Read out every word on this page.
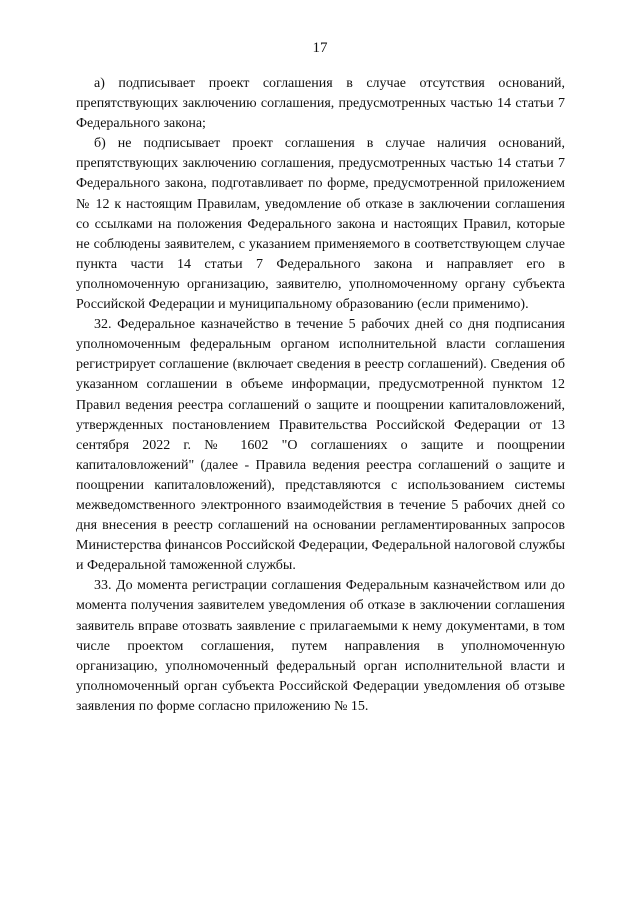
17

а) подписывает проект соглашения в случае отсутствия оснований, препятствующих заключению соглашения, предусмотренных частью 14 статьи 7 Федерального закона;

б) не подписывает проект соглашения в случае наличия оснований, препятствующих заключению соглашения, предусмотренных частью 14 статьи 7 Федерального закона, подготавливает по форме, предусмотренной приложением № 12 к настоящим Правилам, уведомление об отказе в заключении соглашения со ссылками на положения Федерального закона и настоящих Правил, которые не соблюдены заявителем, с указанием применяемого в соответствующем случае пункта части 14 статьи 7 Федерального закона и направляет его в уполномоченную организацию, заявителю, уполномоченному органу субъекта Российской Федерации и муниципальному образованию (если применимо).

32. Федеральное казначейство в течение 5 рабочих дней со дня подписания уполномоченным федеральным органом исполнительной власти соглашения регистрирует соглашение (включает сведения в реестр соглашений). Сведения об указанном соглашении в объеме информации, предусмотренной пунктом 12 Правил ведения реестра соглашений о защите и поощрении капиталовложений, утвержденных постановлением Правительства Российской Федерации от 13 сентября 2022 г. № 1602 "О соглашениях о защите и поощрении капиталовложений" (далее - Правила ведения реестра соглашений о защите и поощрении капиталовложений), представляются с использованием системы межведомственного электронного взаимодействия в течение 5 рабочих дней со дня внесения в реестр соглашений на основании регламентированных запросов Министерства финансов Российской Федерации, Федеральной налоговой службы и Федеральной таможенной службы.

33. До момента регистрации соглашения Федеральным казначейством или до момента получения заявителем уведомления об отказе в заключении соглашения заявитель вправе отозвать заявление с прилагаемыми к нему документами, в том числе проектом соглашения, путем направления в уполномоченную организацию, уполномоченный федеральный орган исполнительной власти и уполномоченный орган субъекта Российской Федерации уведомления об отзыве заявления по форме согласно приложению № 15.
